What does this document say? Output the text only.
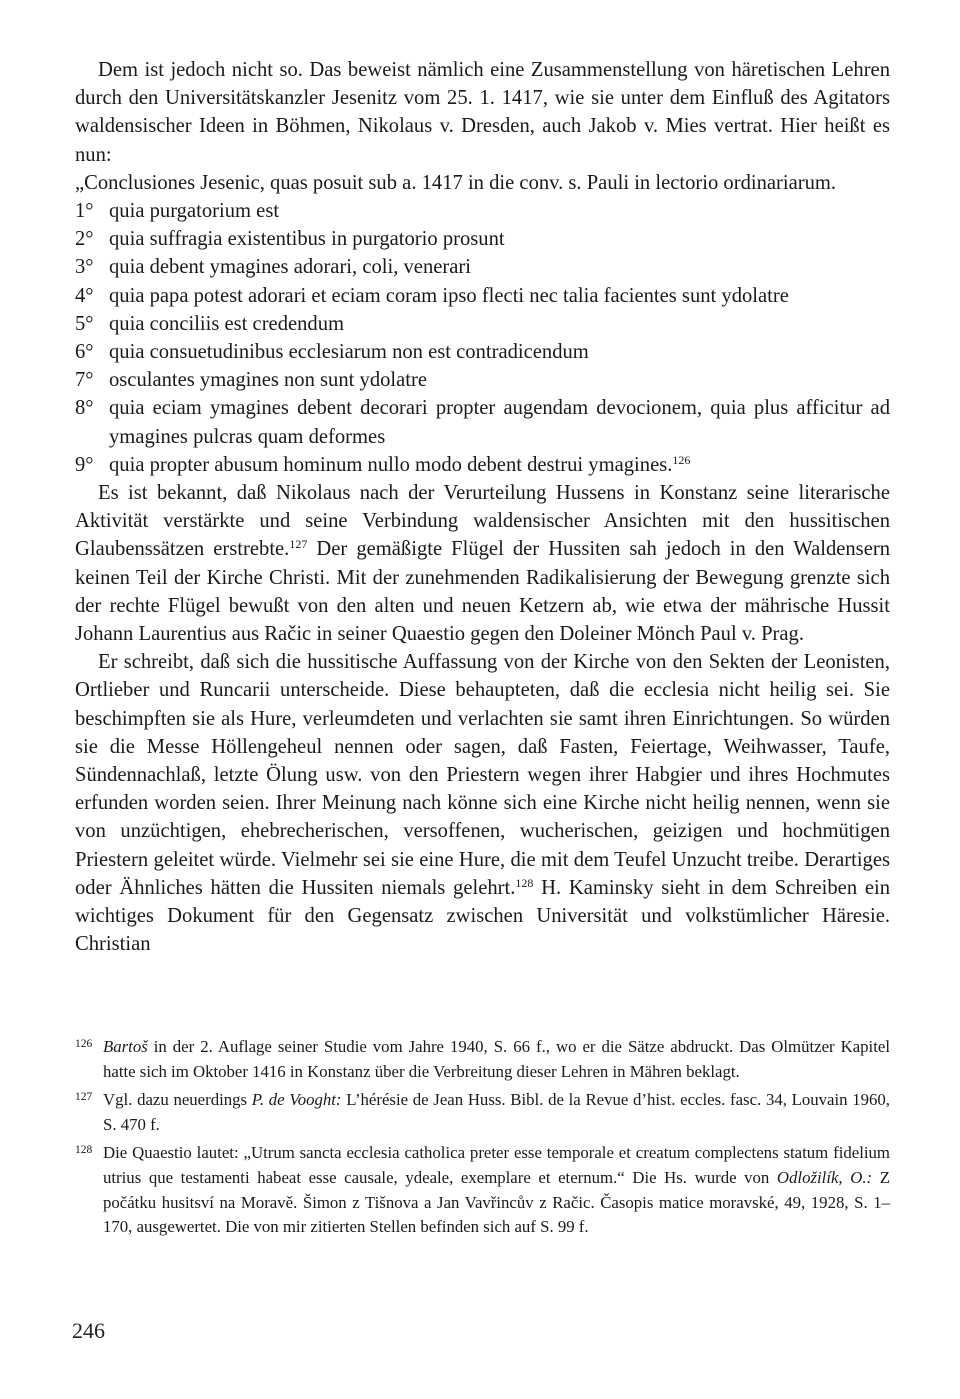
Dem ist jedoch nicht so. Das beweist nämlich eine Zusammenstellung von häretischen Lehren durch den Universitätskanzler Jesenitz vom 25. 1. 1417, wie sie unter dem Einfluß des Agitators waldensischer Ideen in Böhmen, Nikolaus v. Dresden, auch Jakob v. Mies vertrat. Hier heißt es nun:

„Conclusiones Jesenic, quas posuit sub a. 1417 in die conv. s. Pauli in lectorio ordinariarum.

1° quia purgatorium est
2° quia suffragia existentibus in purgatorio prosunt
3° quia debent ymagines adorari, coli, venerari
4° quia papa potest adorari et eciam coram ipso flecti nec talia facientes sunt ydolatre
5° quia conciliis est credendum
6° quia consuetudinibus ecclesiarum non est contradicendum
7° osculantes ymagines non sunt ydolatre
8° quia eciam ymagines debent decorari propter augendam devocionem, quia plus afficitur ad ymagines pulcras quam deformes
9° quia propter abusum hominum nullo modo debent destrui ymagines.$^{126}$

Es ist bekannt, daß Nikolaus nach der Verurteilung Hussens in Konstanz seine literarische Aktivität verstärkte und seine Verbindung waldensischer Ansichten mit den hussitischen Glaubenssätzen erstrebte.$^{127}$ Der gemäßigte Flügel der Hussiten sah jedoch in den Waldensern keinen Teil der Kirche Christi. Mit der zunehmenden Radikalisierung der Bewegung grenzte sich der rechte Flügel bewußt von den alten und neuen Ketzern ab, wie etwa der mährische Hussit Johann Laurentius aus Račic in seiner Quaestio gegen den Doleiner Mönch Paul v. Prag.

Er schreibt, daß sich die hussitische Auffassung von der Kirche von den Sekten der Leonisten, Ortlieber und Runcarii unterscheide. Diese behaupteten, daß die ecclesia nicht heilig sei. Sie beschimpften sie als Hure, verleumdeten und verlachten sie samt ihren Einrichtungen. So würden sie die Messe Höllengeheul nennen oder sagen, daß Fasten, Feiertage, Weihwasser, Taufe, Sündennachlaß, letzte Ölung usw. von den Priestern wegen ihrer Habgier und ihres Hochmutes erfunden worden seien. Ihrer Meinung nach könne sich eine Kirche nicht heilig nennen, wenn sie von unzüchtigen, ehebrecherischen, versoffenen, wucherischen, geizigen und hochmütigen Priestern geleitet würde. Vielmehr sei sie eine Hure, die mit dem Teufel Unzucht treibe. Derartiges oder Ähnliches hätten die Hussiten niemals gelehrt.$^{128}$ H. Kaminsky sieht in dem Schreiben ein wichtiges Dokument für den Gegensatz zwischen Universität und volkstümlicher Häresie. Christian

126 Bartoš in der 2. Auflage seiner Studie vom Jahre 1940, S. 66 f., wo er die Sätze abdruckt. Das Olmützer Kapitel hatte sich im Oktober 1416 in Konstanz über die Verbreitung dieser Lehren in Mähren beklagt.
127 Vgl. dazu neuerdings P. de Vooght: L’hérésie de Jean Huss. Bibl. de la Revue d’hist. eccles. fasc. 34, Louvain 1960, S. 470 f.
128 Die Quaestio lautet: „Utrum sancta ecclesia catholica preter esse temporale et creatum complectens statum fidelium utrius que testamenti habeat esse causale, ydeale, exemplare et eternum.“ Die Hs. wurde von Odložilík, O.: Z počátku husitsví na Moravě. Šimon z Tišnova a Jan Vavřincův z Račic. Časopis matice moravské, 49, 1928, S. 1–170, ausgewertet. Die von mir zitierten Stellen befinden sich auf S. 99 f.
246
